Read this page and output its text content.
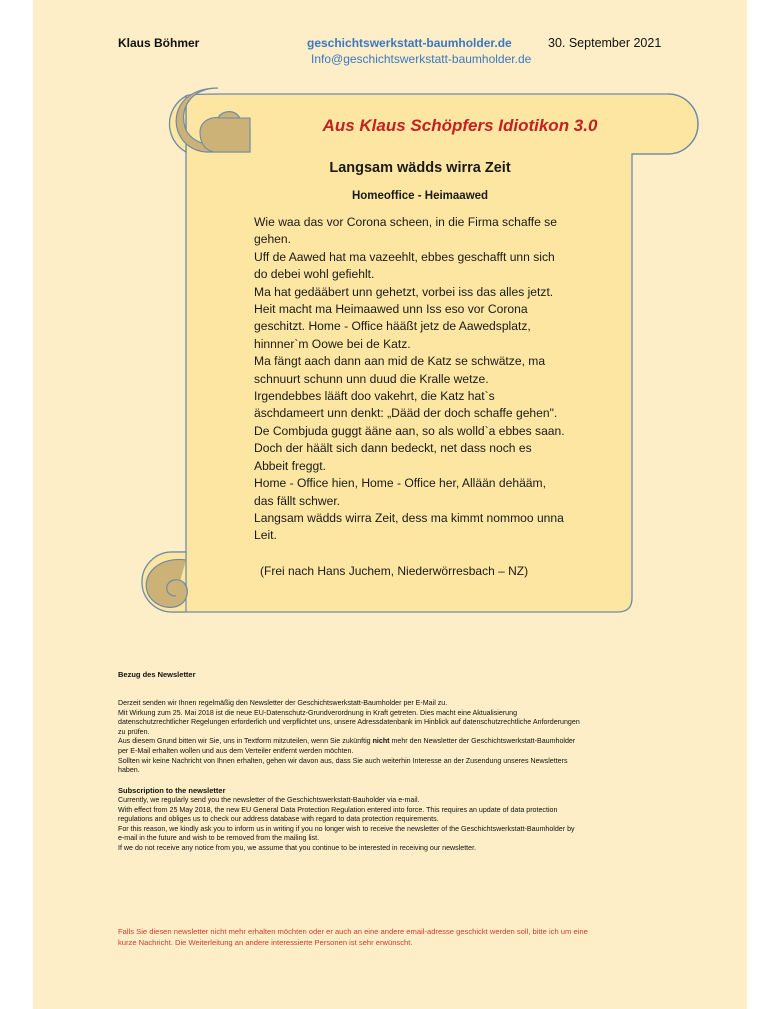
Klaus Böhmer	geschichtswerkstatt-baumholder.de	30. September 2021
Info@geschichtswerkstatt-baumholder.de
Aus Klaus Schöpfers Idiotikon 3.0
Langsam wädds wirra Zeit
Homeoffice - Heimaawed
Wie waa das vor Corona scheen, in die Firma schaffe se
gehen.
Uff de Aawed hat ma vazeehlt, ebbes geschafft unn sich
do debei wohl gefiehlt.
Ma hat gedääbert unn gehetzt, vorbei iss das alles jetzt.
Heit macht ma Heimaawed unn Iss eso vor Corona
geschitzt. Home - Office hääßt jetz de Aawedsplatz,
hinnner`m Oowe bei de Katz.
Ma fängt aach dann aan mid de Katz se schwätze, ma
schnuurt schunn unn duud die Kralle wetze.
Irgendebbes lääft doo vakehrt, die Katz hat`s
äschdameert unn denkt: „Dääd der doch schaffe gehen".
De Combjuda guggt ääne aan, so als wolld`a ebbes saan.
Doch der häält sich dann bedeckt, net dass noch es
Abbeit freggt.
Home - Office hien, Home - Office her, Allään dehääm,
das fällt schwer.
Langsam wädds wirra Zeit, dess ma kimmt nommoo unna
Leit.
(Frei nach Hans Juchem, Niederwörresbach – NZ)
Bezug des Newsletter
Derzeit senden wir Ihnen regelmäßig den Newsletter der Geschichtswerkstatt-Baumholder per E-Mail zu.
Mit Wirkung zum 25. Mai 2018 ist die neue EU-Datenschutz-Grundverordnung in Kraft getreten. Dies macht eine Aktualisierung
datenschutzrechtlicher Regelungen erforderlich und verpflichtet uns, unsere Adressdatenbank im Hinblick auf datenschutzrechtliche Anforderungen
zu prüfen.
Aus diesem Grund bitten wir Sie, uns in Textform mitzuteilen, wenn Sie zukünftig nicht mehr den Newsletter der Geschichtswerkstatt-Baumholder
per E-Mail erhalten wollen und aus dem Verteiler entfernt werden möchten.
Sollten wir keine Nachricht von Ihnen erhalten, gehen wir davon aus, dass Sie auch weiterhin Interesse an der Zusendung unseres Newsletters
haben.
Subscription to the newsletter
Currently, we regularly send you the newsletter of the Geschichtswerkstatt-Bauholder via e-mail.
With effect from 25 May 2018, the new EU General Data Protection Regulation entered into force. This requires an update of data protection
regulations and obliges us to check our address database with regard to data protection requirements.
For this reason, we kindly ask you to inform us in writing if you no longer wish to receive the newsletter of the Geschichtswerkstatt-Baumholder by
e-mail in the future and wish to be removed from the mailing list.
If we do not receive any notice from you, we assume that you continue to be interested in receiving our newsletter.
Falls Sie diesen newsletter nicht mehr erhalten möchten oder er auch an eine andere email-adresse geschickt werden soll, bitte ich um eine
kurze Nachricht. Die Weiterleitung an andere interessierte Personen ist sehr erwünscht.
